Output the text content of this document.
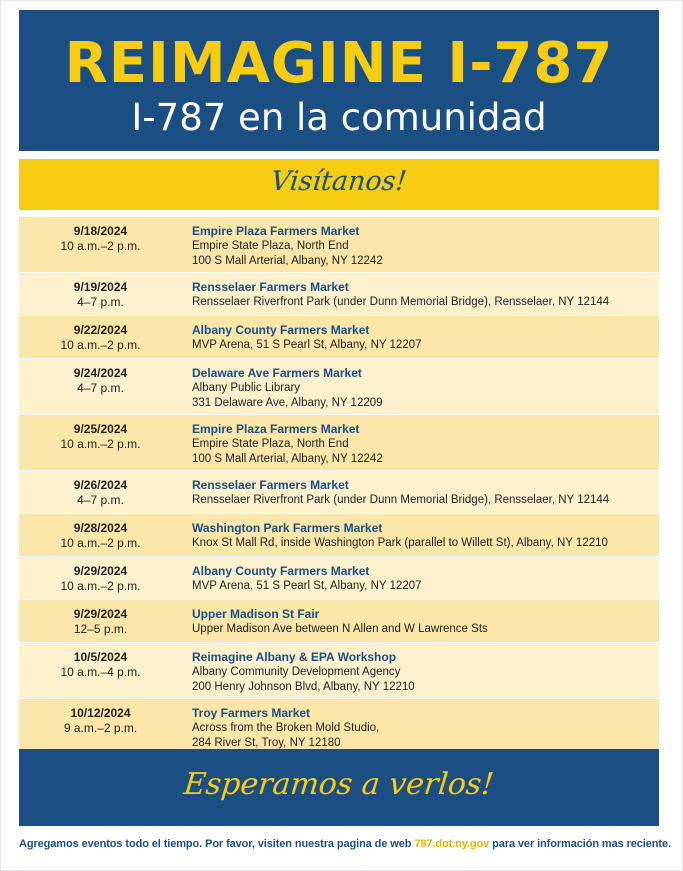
REIMAGINE I-787
I-787 en la comunidad
Visítanos!
9/18/2024
10 a.m.–2 p.m.
Empire Plaza Farmers Market
Empire State Plaza, North End
100 S Mall Arterial, Albany, NY 12242
9/19/2024
4–7 p.m.
Rensselaer Farmers Market
Rensselaer Riverfront Park (under Dunn Memorial Bridge), Rensselaer, NY 12144
9/22/2024
10 a.m.–2 p.m.
Albany County Farmers Market
MVP Arena, 51 S Pearl St, Albany, NY 12207
9/24/2024
4–7 p.m.
Delaware Ave Farmers Market
Albany Public Library
331 Delaware Ave, Albany, NY 12209
9/25/2024
10 a.m.–2 p.m.
Empire Plaza Farmers Market
Empire State Plaza, North End
100 S Mall Arterial, Albany, NY 12242
9/26/2024
4–7 p.m.
Rensselaer Farmers Market
Rensselaer Riverfront Park (under Dunn Memorial Bridge), Rensselaer, NY 12144
9/28/2024
10 a.m.–2 p.m.
Washington Park Farmers Market
Knox St Mall Rd, inside Washington Park (parallel to Willett St), Albany, NY 12210
9/29/2024
10 a.m.–2 p.m.
Albany County Farmers Market
MVP Arena, 51 S Pearl St, Albany, NY 12207
9/29/2024
12–5 p.m.
Upper Madison St Fair
Upper Madison Ave between N Allen and W Lawrence Sts
10/5/2024
10 a.m.–4 p.m.
Reimagine Albany & EPA Workshop
Albany Community Development Agency
200 Henry Johnson Blvd, Albany, NY 12210
10/12/2024
9 a.m.–2 p.m.
Troy Farmers Market
Across from the Broken Mold Studio,
284 River St, Troy, NY 12180
Esperamos a verlos!
Agregamos eventos todo el tiempo. Por favor, visiten nuestra pagina de web 787.dot.ny.gov para ver información mas reciente.
